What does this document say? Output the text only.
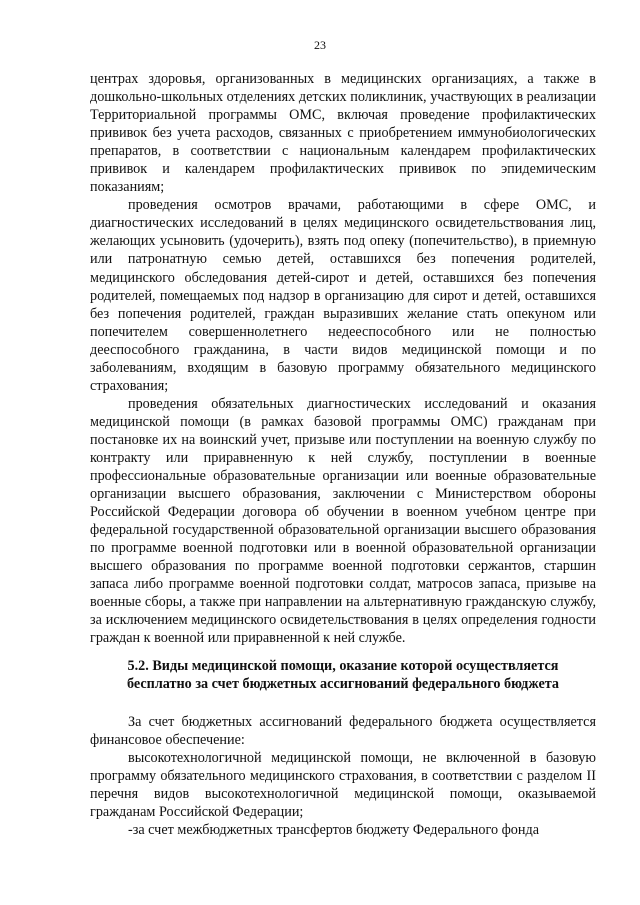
23

центрах здоровья, организованных в медицинских организациях, а также в дошкольно-школьных отделениях детских поликлиник, участвующих в реализации Территориальной программы ОМС, включая проведение профилактических прививок без учета расходов, связанных с приобретением иммунобиологических препаратов, в соответствии с национальным календарем профилактических прививок и календарем профилактических прививок по эпидемическим показаниям;

проведения осмотров врачами, работающими в сфере ОМС, и диагностических исследований в целях медицинского освидетельствования лиц, желающих усыновить (удочерить), взять под опеку (попечительство), в приемную или патронатную семью детей, оставшихся без попечения родителей, медицинского обследования детей-сирот и детей, оставшихся без попечения родителей, помещаемых под надзор в организацию для сирот и детей, оставшихся без попечения родителей, граждан выразивших желание стать опекуном или попечителем совершеннолетнего недееспособного или не полностью дееспособного гражданина, в части видов медицинской помощи и по заболеваниям, входящим в базовую программу обязательного медицинского страхования;

проведения обязательных диагностических исследований и оказания медицинской помощи (в рамках базовой программы ОМС) гражданам при постановке их на воинский учет, призыве или поступлении на военную службу по контракту или приравненную к ней службу, поступлении в военные профессиональные образовательные организации или военные образовательные организации высшего образования, заключении с Министерством обороны Российской Федерации договора об обучении в военном учебном центре при федеральной государственной образовательной организации высшего образования по программе военной подготовки или в военной образовательной организации высшего образования по программе военной подготовки сержантов, старшин запаса либо программе военной подготовки солдат, матросов запаса, призыве на военные сборы, а также при направлении на альтернативную гражданскую службу, за исключением медицинского освидетельствования в целях определения годности граждан к военной или приравненной к ней службе.

5.2. Виды медицинской помощи, оказание которой осуществляется бесплатно за счет бюджетных ассигнований федерального бюджета

За счет бюджетных ассигнований федерального бюджета осуществляется финансовое обеспечение:

высокотехнологичной медицинской помощи, не включенной в базовую программу обязательного медицинского страхования, в соответствии с разделом II перечня видов высокотехнологичной медицинской помощи, оказываемой гражданам Российской Федерации;

-за счет межбюджетных трансфертов бюджету Федерального фонда
